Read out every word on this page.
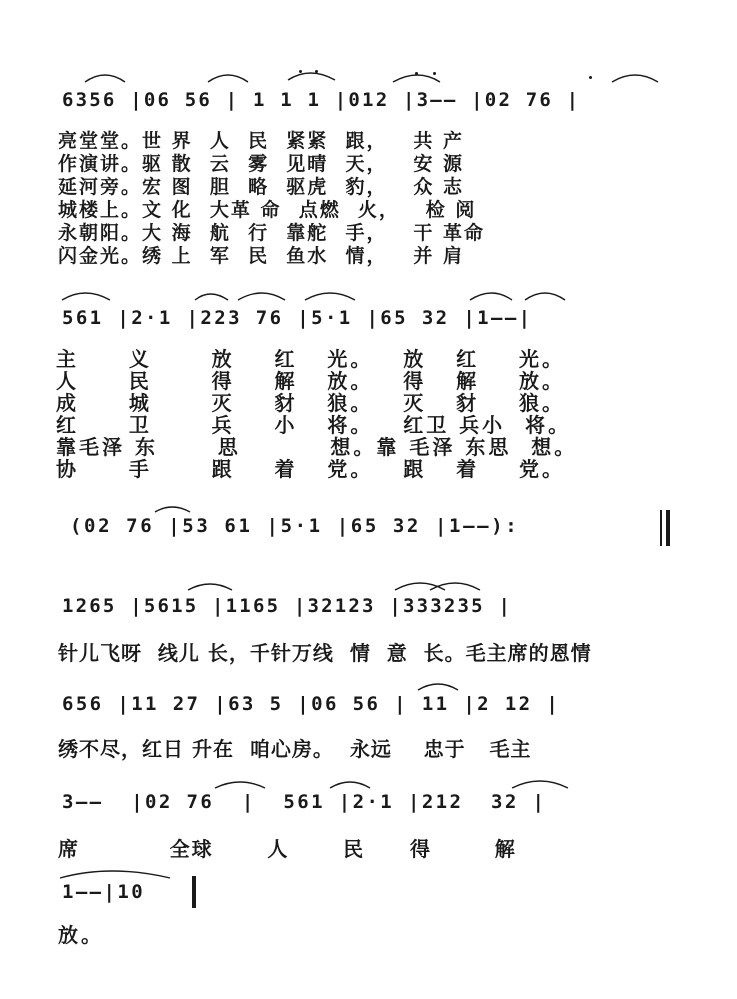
6356 |06 56 | 1 1 1 |012 |3—— |02 76 |
亮堂堂。世 界  人  民  紧紧  跟，   共 产
作演讲。驱 散  云  雾  见晴  天，   安 源
延河旁。宏 图  胆  略  驱虎  豹，   众 志
城楼上。文 化  大革 命  点燃  火，   检 阅
永朝阳。大 海  航  行  靠舵  手，   干 革命
闪金光。绣 上  军  民  鱼水  情，   并 肩
561 |2·1 |223 76 |5·1 |65 32 |1——|
主     义      放    红   光。   放   红    光。
人     民      得    解   放。   得   解    放。
成     城      灭    豺   狼。   灭   豺    狼。
红     卫      兵    小   将。   红卫 兵小  将。
靠毛泽 东      思         想。靠 毛泽 东思  想。
协     手      跟    着   党。   跟   着    党。
(02 76 |53 61 |5·1 |65 32 |1——):
1265 |5615 |1165 |32123 |333235 |
针儿飞呀  线儿 长，千针万线  情  意  长。毛主席的恩情
656 |11 27 |63 5 |06 56 | 11 |2 12 |
绣不尽，红日 升在  咱心房。  永远    忠于   毛主
3——  |02 76  |  561 |2·1 |212  32 |
席          全球      人      民     得       解
1——|10
放。
